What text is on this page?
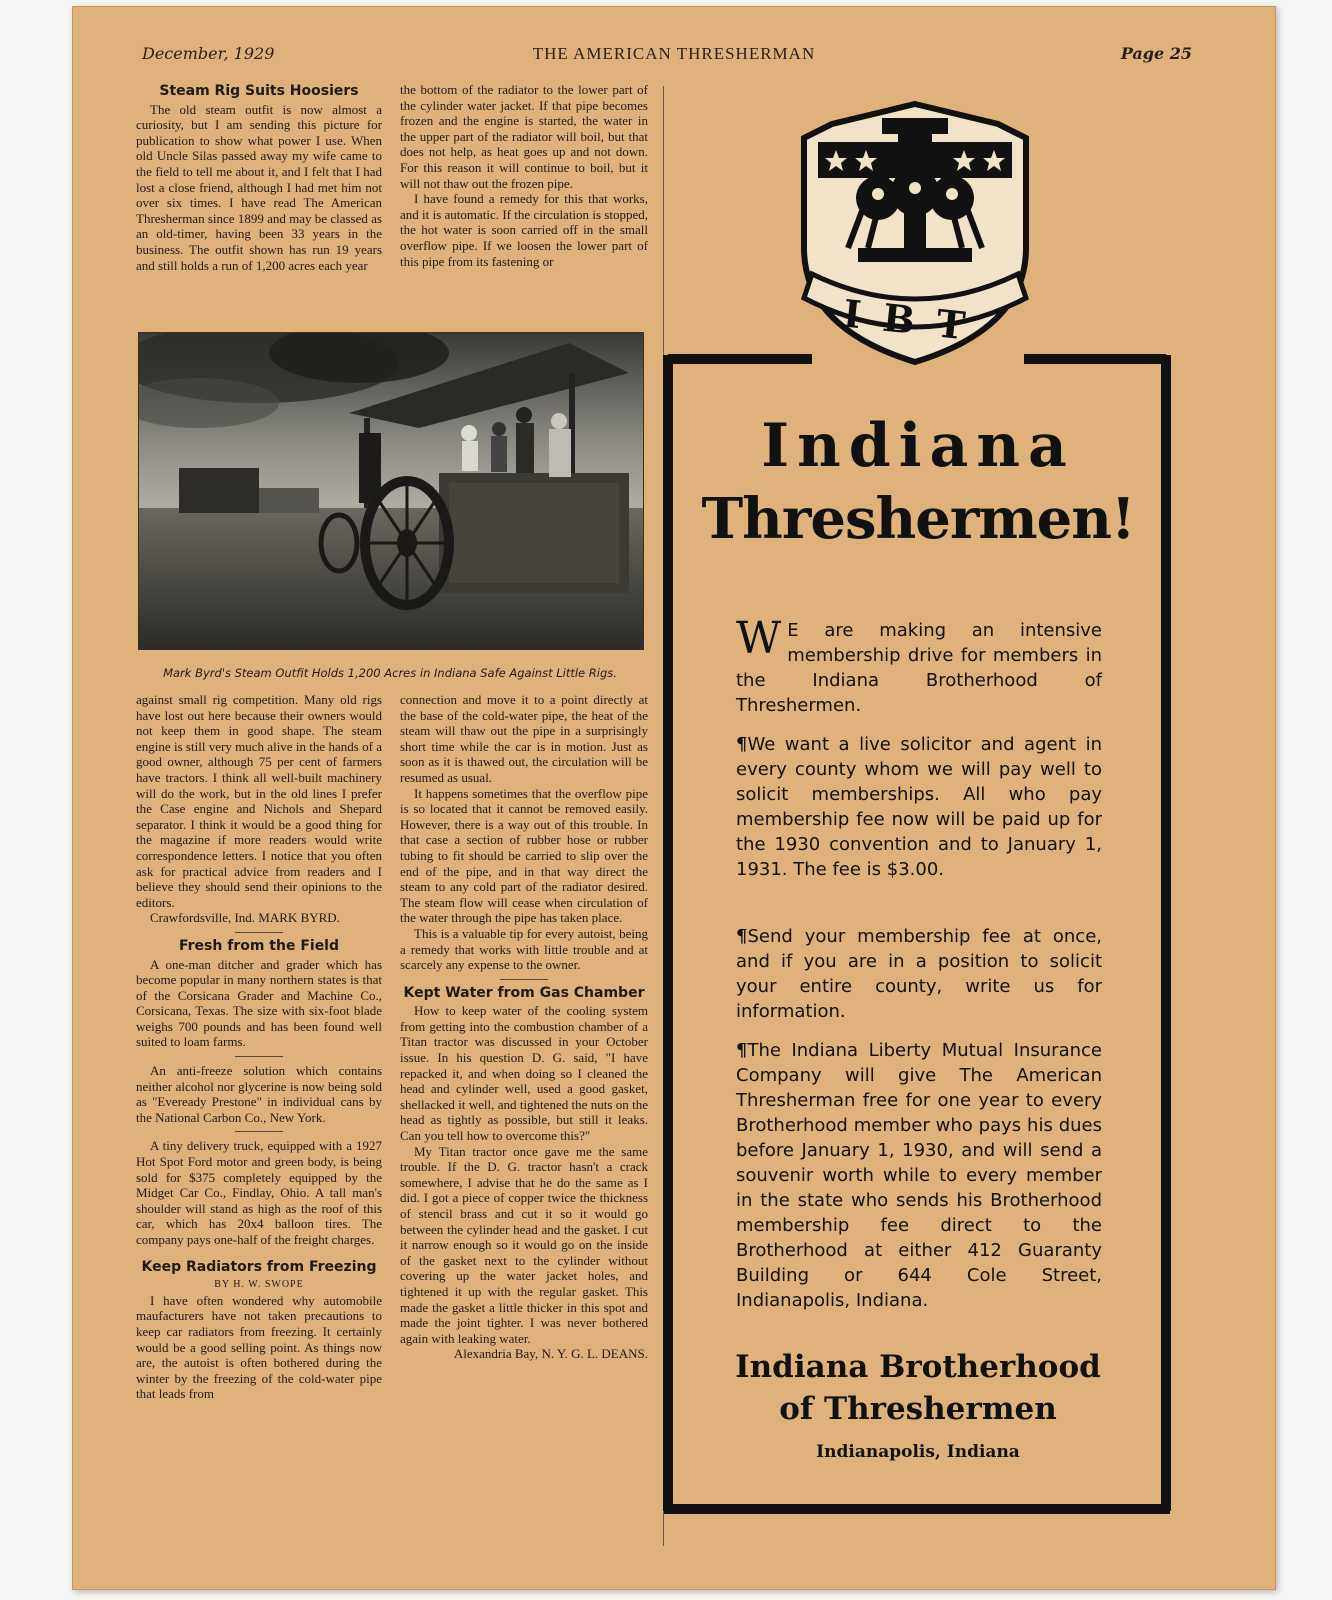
December, 1929	THE AMERICAN THRESHERMAN	Page 25
Steam Rig Suits Hoosiers

The old steam outfit is now almost a curiosity, but I am sending this picture for publication to show what power I use. When old Uncle Silas passed away my wife came to the field to tell me about it, and I felt that I had lost a close friend, although I had met him not over six times. I have read The American Thresherman since 1899 and may be classed as an old-timer, having been 33 years in the business. The outfit shown has run 19 years and still holds a run of 1,200 acres each year

the bottom of the radiator to the lower part of the cylinder water jacket. If that pipe becomes frozen and the engine is started, the water in the upper part of the radiator will boil, but that does not help, as heat goes up and not down. For this reason it will continue to boil, but it will not thaw out the frozen pipe.

I have found a remedy for this that works, and it is automatic. If the circulation is stopped, the hot water is soon carried off in the small overflow pipe. If we loosen the lower part of this pipe from its fastening or

Mark Byrd's Steam Outfit Holds 1,200 Acres in Indiana Safe Against Little Rigs.

against small rig competition. Many old rigs have lost out here because their owners would not keep them in good shape. The steam engine is still very much alive in the hands of a good owner, although 75 per cent of farmers have tractors. I think all well-built machinery will do the work, but in the old lines I prefer the Case engine and Nichols and Shepard separator. I think it would be a good thing for the magazine if more readers would write correspondence letters. I notice that you often ask for practical advice from readers and I believe they should send their opinions to the editors.

Crawfordsville, Ind. MARK BYRD.

Fresh from the Field

A one-man ditcher and grader which has become popular in many northern states is that of the Corsicana Grader and Machine Co., Corsicana, Texas. The size with six-foot blade weighs 700 pounds and has been found well suited to loam farms.

An anti-freeze solution which contains neither alcohol nor glycerine is now being sold as "Eveready Prestone" in individual cans by the National Carbon Co., New York.

A tiny delivery truck, equipped with a 1927 Hot Spot Ford motor and green body, is being sold for $375 completely equipped by the Midget Car Co., Findlay, Ohio. A tall man's shoulder will stand as high as the roof of this car, which has 20x4 balloon tires. The company pays one-half of the freight charges.

Keep Radiators from Freezing
BY H. W. SWOPE

I have often wondered why automobile maufacturers have not taken precautions to keep car radiators from freezing. It certainly would be a good selling point. As things now are, the autoist is often bothered during the winter by the freezing of the cold-water pipe that leads from

connection and move it to a point directly at the base of the cold-water pipe, the heat of the steam will thaw out the pipe in a surprisingly short time while the car is in motion. Just as soon as it is thawed out, the circulation will be resumed as usual.

It happens sometimes that the overflow pipe is so located that it cannot be removed easily. However, there is a way out of this trouble. In that case a section of rubber hose or rubber tubing to fit should be carried to slip over the end of the pipe, and in that way direct the steam to any cold part of the radiator desired. The steam flow will cease when circulation of the water through the pipe has taken place.

This is a valuable tip for every autoist, being a remedy that works with little trouble and at scarcely any expense to the owner.

Kept Water from Gas Chamber

How to keep water of the cooling system from getting into the combustion chamber of a Titan tractor was discussed in your October issue. In his question D. G. said, "I have repacked it, and when doing so I cleaned the head and cylinder well, used a good gasket, shellacked it well, and tightened the nuts on the head as tightly as possible, but still it leaks. Can you tell how to overcome this?"

My Titan tractor once gave me the same trouble. If the D. G. tractor hasn't a crack somewhere, I advise that he do the same as I did. I got a piece of copper twice the thickness of stencil brass and cut it so it would go between the cylinder head and the gasket. I cut it narrow enough so it would go on the inside of the gasket next to the cylinder without covering up the water jacket holes, and tightened it up with the regular gasket. This made the gasket a little thicker in this spot and made the joint tighter. I was never bothered again with leaking water.

Alexandria Bay, N. Y. G. L. DEANS.

IBT
Indiana
Threshermen!
W E are making an intensive membership drive for members in the Indiana Brotherhood of Threshermen.
¶We want a live solicitor and agent in every county whom we will pay well to solicit memberships. All who pay membership fee now will be paid up for the 1930 convention and to January 1, 1931. The fee is $3.00.
¶Send your membership fee at once, and if you are in a position to solicit your entire county, write us for information.
¶The Indiana Liberty Mutual Insurance Company will give The American Thresherman free for one year to every Brotherhood member who pays his dues before January 1, 1930, and will send a souvenir worth while to every member in the state who sends his Brotherhood membership fee direct to the Brotherhood at either 412 Guaranty Building or 644 Cole Street, Indianapolis, Indiana.
Indiana Brotherhood
of Threshermen
Indianapolis, Indiana
